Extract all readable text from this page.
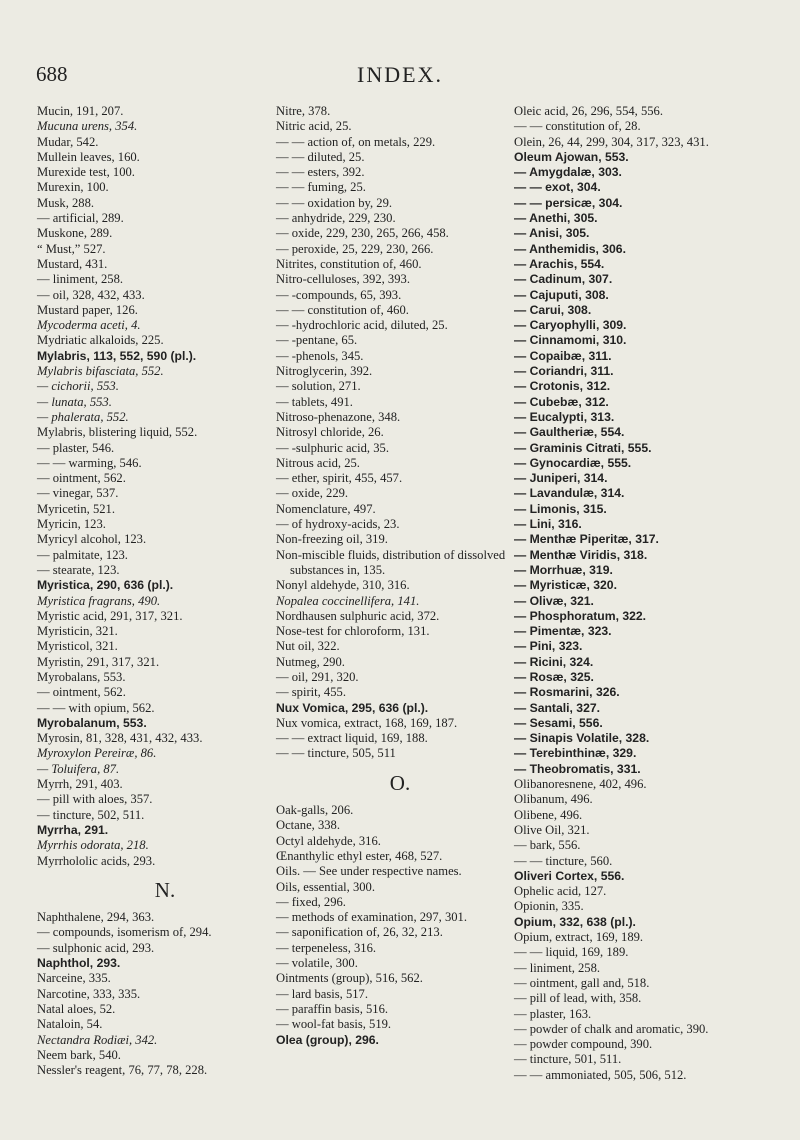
688	INDEX.
Mucin, 191, 207.
Mucuna urens, 354.
Mudar, 542.
Mullein leaves, 160.
Murexide test, 100.
Murexin, 100.
Musk, 288.
— artificial, 289.
Muskone, 289.
“ Must,” 527.
Mustard, 431.
— liniment, 258.
— oil, 328, 432, 433.
Mustard paper, 126.
Mycoderma aceti, 4.
Mydriatic alkaloids, 225.
Mylabris, 113, 552, 590 (pl.).
Mylabris bifasciata, 552.
— cichorii, 553.
— lunata, 553.
— phalerata, 552.
Mylabris, blistering liquid, 552.
— plaster, 546.
— — warming, 546.
— ointment, 562.
— vinegar, 537.
Myricetin, 521.
Myricin, 123.
Myricyl alcohol, 123.
— palmitate, 123.
— stearate, 123.
Myristica, 290, 636 (pl.).
Myristica fragrans, 490.
Myristic acid, 291, 317, 321.
Myristicin, 321.
Myristicol, 321.
Myristin, 291, 317, 321.
Myrobalans, 553.
— ointment, 562.
— — with opium, 562.
Myrobalanum, 553.
Myrosin, 81, 328, 431, 432, 433.
Myroxylon Pereiræ, 86.
— Toluifera, 87.
Myrrh, 291, 403.
— pill with aloes, 357.
— tincture, 502, 511.
Myrrha, 291.
Myrrhis odorata, 218.
Myrrhololic acids, 293.
N.
Naphthalene, 294, 363.
— compounds, isomerism of, 294.
— sulphonic acid, 293.
Naphthol, 293.
Narceine, 335.
Narcotine, 333, 335.
Natal aloes, 52.
Nataloin, 54.
Nectandra Rodiæi, 342.
Neem bark, 540.
Nessler's reagent, 76, 77, 78, 228.
Nitre, 378.
Nitric acid, 25.
— — action of, on metals, 229.
— — diluted, 25.
— — esters, 392.
— — fuming, 25.
— — oxidation by, 29.
— anhydride, 229, 230.
— oxide, 229, 230, 265, 266, 458.
— peroxide, 25, 229, 230, 266.
Nitrites, constitution of, 460.
Nitro-celluloses, 392, 393.
— -compounds, 65, 393.
— — constitution of, 460.
— -hydrochloric acid, diluted, 25.
— -pentane, 65.
— -phenols, 345.
Nitroglycerin, 392.
— solution, 271.
— tablets, 491.
Nitroso-phenazone, 348.
Nitrosyl chloride, 26.
— -sulphuric acid, 35.
Nitrous acid, 25.
— ether, spirit, 455, 457.
— oxide, 229.
Nomenclature, 497.
— of hydroxy-acids, 23.
Non-freezing oil, 319.
Non-miscible fluids, distribution of dissolved substances in, 135.
Nonyl aldehyde, 310, 316.
Nopalea coccinellifera, 141.
Nordhausen sulphuric acid, 372.
Nose-test for chloroform, 131.
Nut oil, 322.
Nutmeg, 290.
— oil, 291, 320.
— spirit, 455.
Nux Vomica, 295, 636 (pl.).
Nux vomica, extract, 168, 169, 187.
— — extract liquid, 169, 188.
— — tincture, 505, 511
O.
Oak-galls, 206.
Octane, 338.
Octyl aldehyde, 316.
Œnanthylic ethyl ester, 468, 527.
Oils. — See under respective names.
Oils, essential, 300.
— fixed, 296.
— methods of examination, 297, 301.
— saponification of, 26, 32, 213.
— terpeneless, 316.
— volatile, 300.
Ointments (group), 516, 562.
— lard basis, 517.
— paraffin basis, 516.
— wool-fat basis, 519.
Olea (group), 296.
Oleic acid, 26, 296, 554, 556.
— — constitution of, 28.
Olein, 26, 44, 299, 304, 317, 323, 431.
Oleum Ajowan, 553.
— Amygdalæ, 303.
— — exot, 304.
— — persicæ, 304.
— Anethi, 305.
— Anisi, 305.
— Anthemidis, 306.
— Arachis, 554.
— Cadinum, 307.
— Cajuputi, 308.
— Carui, 308.
— Caryophylli, 309.
— Cinnamomi, 310.
— Copaibæ, 311.
— Coriandri, 311.
— Crotonis, 312.
— Cubebæ, 312.
— Eucalypti, 313.
— Gaultheriæ, 554.
— Graminis Citrati, 555.
— Gynocardiæ, 555.
— Juniperi, 314.
— Lavandulæ, 314.
— Limonis, 315.
— Lini, 316.
— Menthæ Piperitæ, 317.
— Menthæ Viridis, 318.
— Morrhuæ, 319.
— Myristicæ, 320.
— Olivæ, 321.
— Phosphoratum, 322.
— Pimentæ, 323.
— Pini, 323.
— Ricini, 324.
— Rosæ, 325.
— Rosmarini, 326.
— Santali, 327.
— Sesami, 556.
— Sinapis Volatile, 328.
— Terebinthinæ, 329.
— Theobromatis, 331.
Olibanoresnene, 402, 496.
Olibanum, 496.
Olibene, 496.
Olive Oil, 321.
— bark, 556.
— — tincture, 560.
Oliveri Cortex, 556.
Ophelic acid, 127.
Opionin, 335.
Opium, 332, 638 (pl.).
Opium, extract, 169, 189.
— — liquid, 169, 189.
— liniment, 258.
— ointment, gall and, 518.
— pill of lead, with, 358.
— plaster, 163.
— powder of chalk and aromatic, 390.
— powder compound, 390.
— tincture, 501, 511.
— — ammoniated, 505, 506, 512.
